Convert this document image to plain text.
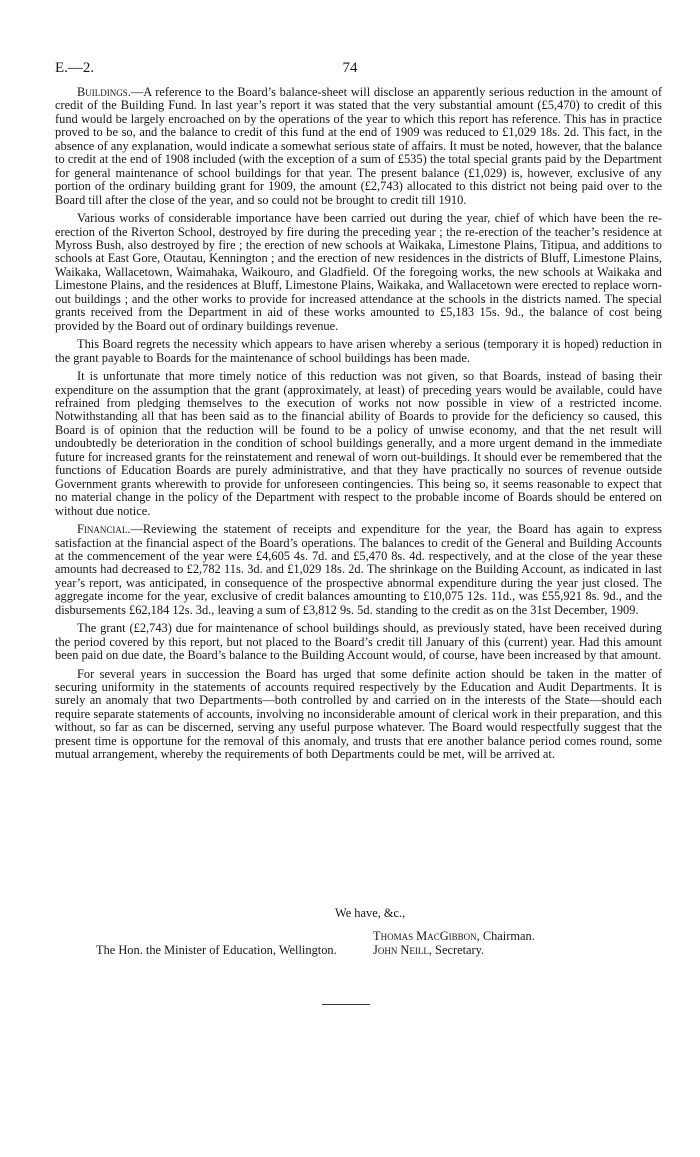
E.—2.	74

Buildings.—A reference to the Board’s balance-sheet will disclose an apparently serious reduction in the amount of credit of the Building Fund. In last year’s report it was stated that the very substantial amount (£5,470) to credit of this fund would be largely encroached on by the operations of the year to which this report has reference. This has in practice proved to be so, and the balance to credit of this fund at the end of 1909 was reduced to £1,029 18s. 2d. This fact, in the absence of any explanation, would indicate a somewhat serious state of affairs. It must be noted, however, that the balance to credit at the end of 1908 included (with the exception of a sum of £535) the total special grants paid by the Department for general maintenance of school buildings for that year. The present balance (£1,029) is, however, exclusive of any portion of the ordinary building grant for 1909, the amount (£2,743) allocated to this district not being paid over to the Board till after the close of the year, and so could not be brought to credit till 1910.

Various works of considerable importance have been carried out during the year, chief of which have been the re-erection of the Riverton School, destroyed by fire during the preceding year ; the re-erection of the teacher’s residence at Myross Bush, also destroyed by fire ; the erection of new schools at Waikaka, Limestone Plains, Titipua, and additions to schools at East Gore, Otautau, Kennington ; and the erection of new residences in the districts of Bluff, Limestone Plains, Waikaka, Wallacetown, Waimahaka, Waikouro, and Gladfield. Of the foregoing works, the new schools at Waikaka and Limestone Plains, and the residences at Bluff, Limestone Plains, Waikaka, and Wallacetown were erected to replace worn-out buildings ; and the other works to provide for increased attendance at the schools in the districts named. The special grants received from the Department in aid of these works amounted to £5,183 15s. 9d., the balance of cost being provided by the Board out of ordinary buildings revenue.

This Board regrets the necessity which appears to have arisen whereby a serious (temporary it is hoped) reduction in the grant payable to Boards for the maintenance of school buildings has been made.

It is unfortunate that more timely notice of this reduction was not given, so that Boards, instead of basing their expenditure on the assumption that the grant (approximately, at least) of preceding years would be available, could have refrained from pledging themselves to the execution of works not now possible in view of a restricted income. Notwithstanding all that has been said as to the financial ability of Boards to provide for the deficiency so caused, this Board is of opinion that the reduction will be found to be a policy of unwise economy, and that the net result will undoubtedly be deterioration in the condition of school buildings generally, and a more urgent demand in the immediate future for increased grants for the reinstatement and renewal of worn out-buildings. It should ever be remembered that the functions of Education Boards are purely administrative, and that they have practically no sources of revenue outside Government grants wherewith to provide for unforeseen contingencies. This being so, it seems reasonable to expect that no material change in the policy of the Department with respect to the probable income of Boards should be entered on without due notice.

Financial.—Reviewing the statement of receipts and expenditure for the year, the Board has again to express satisfaction at the financial aspect of the Board’s operations. The balances to credit of the General and Building Accounts at the commencement of the year were £4,605 4s. 7d. and £5,470 8s. 4d. respectively, and at the close of the year these amounts had decreased to £2,782 11s. 3d. and £1,029 18s. 2d. The shrinkage on the Building Account, as indicated in last year’s report, was anticipated, in consequence of the prospective abnormal expenditure during the year just closed. The aggregate income for the year, exclusive of credit balances amounting to £10,075 12s. 11d., was £55,921 8s. 9d., and the disbursements £62,184 12s. 3d., leaving a sum of £3,812 9s. 5d. standing to the credit as on the 31st December, 1909.

The grant (£2,743) due for maintenance of school buildings should, as previously stated, have been received during the period covered by this report, but not placed to the Board’s credit till January of this (current) year. Had this amount been paid on due date, the Board’s balance to the Building Account would, of course, have been increased by that amount.

For several years in succession the Board has urged that some definite action should be taken in the matter of securing uniformity in the statements of accounts required respectively by the Education and Audit Departments. It is surely an anomaly that two Departments—both controlled by and carried on in the interests of the State—should each require separate statements of accounts, involving no inconsiderable amount of clerical work in their preparation, and this without, so far as can be discerned, serving any useful purpose whatever. The Board would respectfully suggest that the present time is opportune for the removal of this anomaly, and trusts that ere another balance period comes round, some mutual arrangement, whereby the requirements of both Departments could be met, will be arrived at.

We have, &c.,
Thomas MacGibbon, Chairman.
John Neill, Secretary.
The Hon. the Minister of Education, Wellington.
